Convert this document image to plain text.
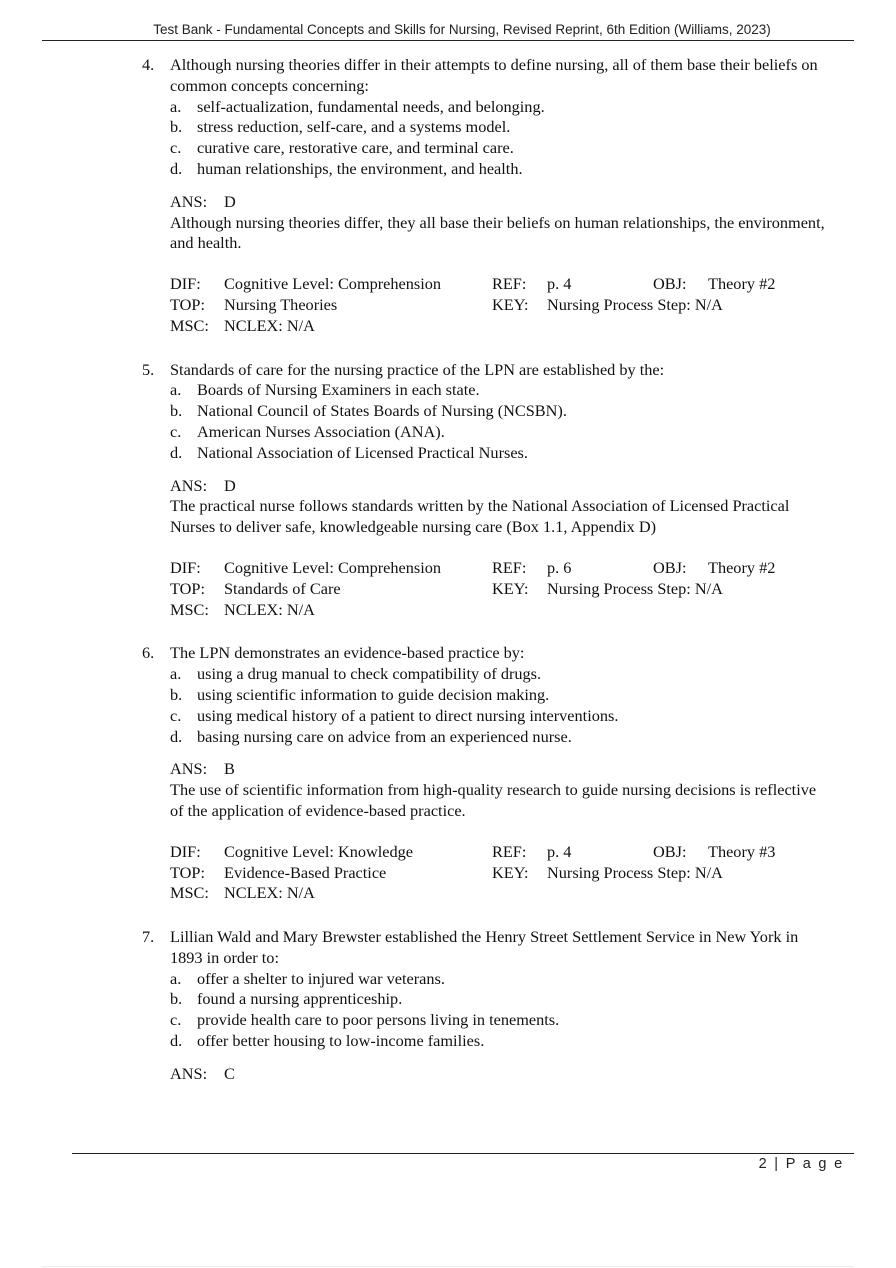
Test Bank - Fundamental Concepts and Skills for Nursing, Revised Reprint, 6th Edition (Williams, 2023)
4. Although nursing theories differ in their attempts to define nursing, all of them base their beliefs on common concepts concerning:
a. self-actualization, fundamental needs, and belonging.
b. stress reduction, self-care, and a systems model.
c. curative care, restorative care, and terminal care.
d. human relationships, the environment, and health.
ANS: D
Although nursing theories differ, they all base their beliefs on human relationships, the environment, and health.
DIF: Cognitive Level: Comprehension	REF: p. 4	OBJ: Theory #2
TOP: Nursing Theories	KEY: Nursing Process Step: N/A
MSC: NCLEX: N/A
5. Standards of care for the nursing practice of the LPN are established by the:
a. Boards of Nursing Examiners in each state.
b. National Council of States Boards of Nursing (NCSBN).
c. American Nurses Association (ANA).
d. National Association of Licensed Practical Nurses.
ANS: D
The practical nurse follows standards written by the National Association of Licensed Practical Nurses to deliver safe, knowledgeable nursing care (Box 1.1, Appendix D)
DIF: Cognitive Level: Comprehension	REF: p. 6	OBJ: Theory #2
TOP: Standards of Care	KEY: Nursing Process Step: N/A
MSC: NCLEX: N/A
6. The LPN demonstrates an evidence-based practice by:
a. using a drug manual to check compatibility of drugs.
b. using scientific information to guide decision making.
c. using medical history of a patient to direct nursing interventions.
d. basing nursing care on advice from an experienced nurse.
ANS: B
The use of scientific information from high-quality research to guide nursing decisions is reflective of the application of evidence-based practice.
DIF: Cognitive Level: Knowledge	REF: p. 4	OBJ: Theory #3
TOP: Evidence-Based Practice	KEY: Nursing Process Step: N/A
MSC: NCLEX: N/A
7. Lillian Wald and Mary Brewster established the Henry Street Settlement Service in New York in 1893 in order to:
a. offer a shelter to injured war veterans.
b. found a nursing apprenticeship.
c. provide health care to poor persons living in tenements.
d. offer better housing to low-income families.
ANS: C
2 | P a g e
